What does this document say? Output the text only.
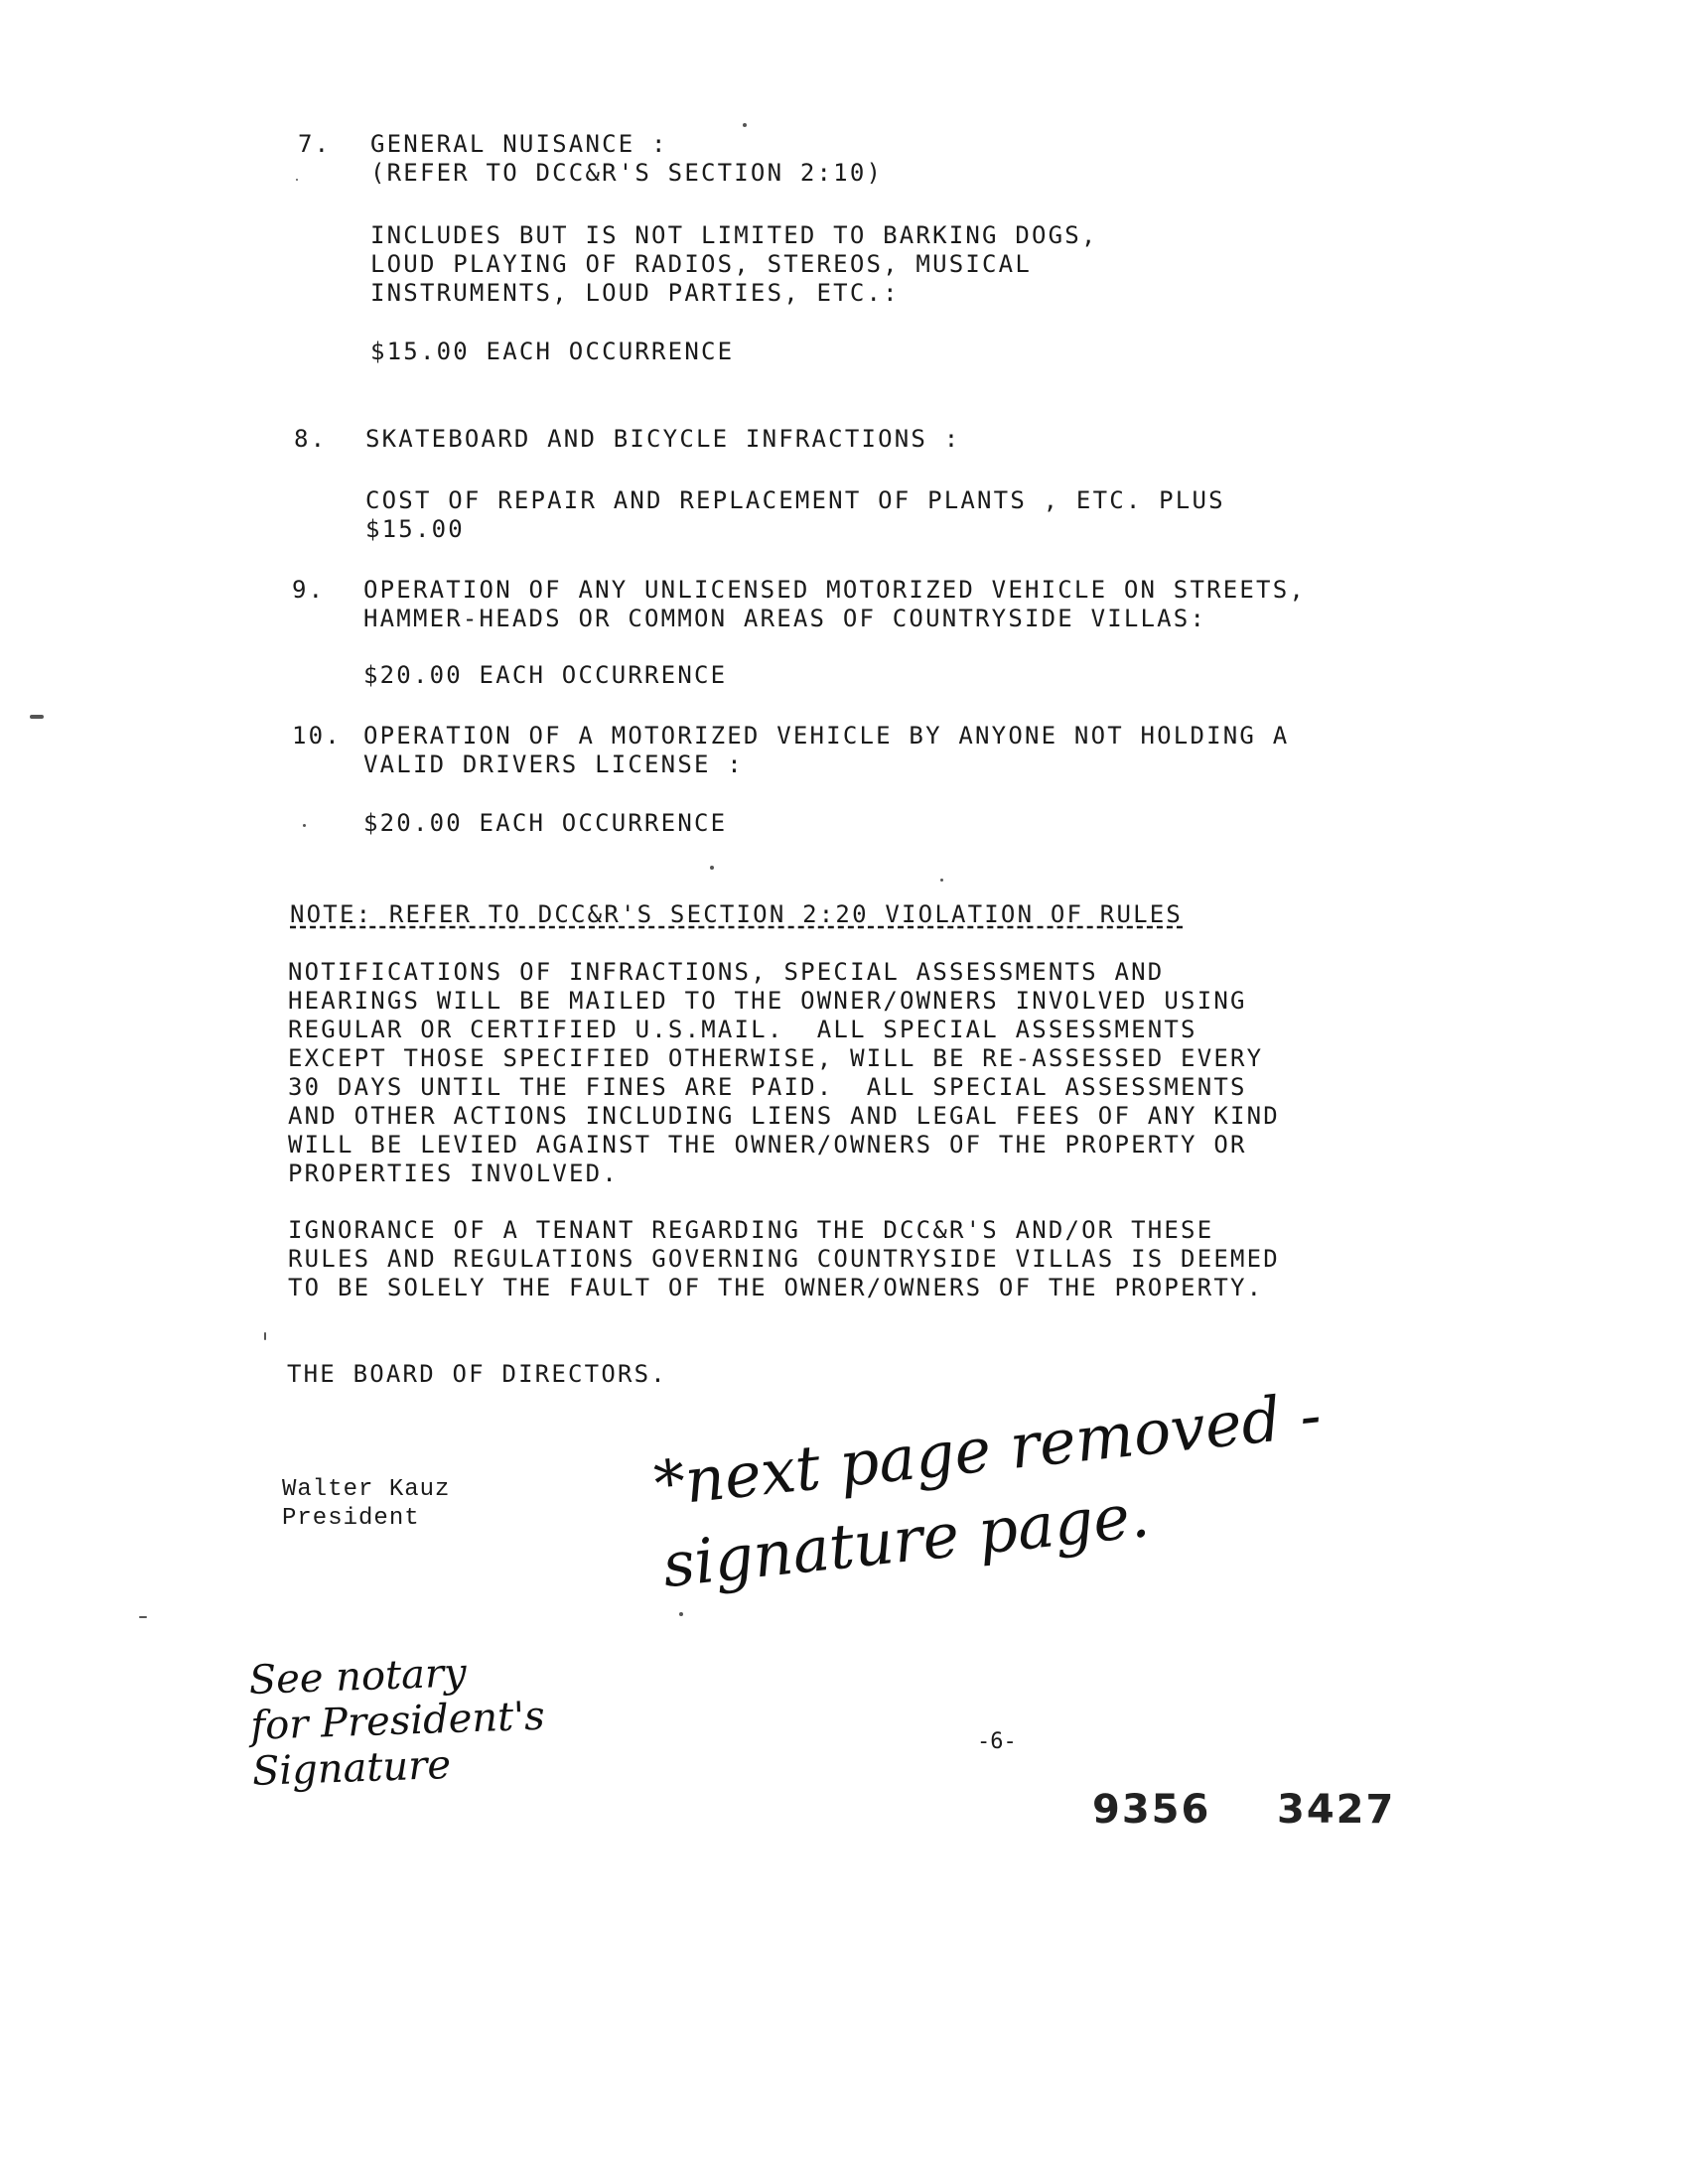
7. GENERAL NUISANCE :
(REFER TO DCC&R'S SECTION 2:10)
INCLUDES BUT IS NOT LIMITED TO BARKING DOGS,
LOUD PLAYING OF RADIOS, STEREOS, MUSICAL
INSTRUMENTS, LOUD PARTIES, ETC.:
$15.00 EACH OCCURRENCE
8. SKATEBOARD AND BICYCLE INFRACTIONS :
COST OF REPAIR AND REPLACEMENT OF PLANTS , ETC. PLUS
$15.00
9. OPERATION OF ANY UNLICENSED MOTORIZED VEHICLE ON STREETS,
HAMMER-HEADS OR COMMON AREAS OF COUNTRYSIDE VILLAS:
$20.00 EACH OCCURRENCE
10. OPERATION OF A MOTORIZED VEHICLE BY ANYONE NOT HOLDING A
VALID DRIVERS LICENSE :
$20.00 EACH OCCURRENCE
NOTE: REFER TO DCC&R'S SECTION 2:20 VIOLATION OF RULES
NOTIFICATIONS OF INFRACTIONS, SPECIAL ASSESSMENTS AND
HEARINGS WILL BE MAILED TO THE OWNER/OWNERS INVOLVED USING
REGULAR OR CERTIFIED U.S.MAIL.  ALL SPECIAL ASSESSMENTS
EXCEPT THOSE SPECIFIED OTHERWISE, WILL BE RE-ASSESSED EVERY
30 DAYS UNTIL THE FINES ARE PAID.  ALL SPECIAL ASSESSMENTS
AND OTHER ACTIONS INCLUDING LIENS AND LEGAL FEES OF ANY KIND
WILL BE LEVIED AGAINST THE OWNER/OWNERS OF THE PROPERTY OR
PROPERTIES INVOLVED.
IGNORANCE OF A TENANT REGARDING THE DCC&R'S AND/OR THESE
RULES AND REGULATIONS GOVERNING COUNTRYSIDE VILLAS IS DEEMED
TO BE SOLELY THE FAULT OF THE OWNER/OWNERS OF THE PROPERTY.
THE BOARD OF DIRECTORS.
Walter Kauz
President	*next page removed -
signature page.
See notary
for President's
Signature
-6-
9356 3427
